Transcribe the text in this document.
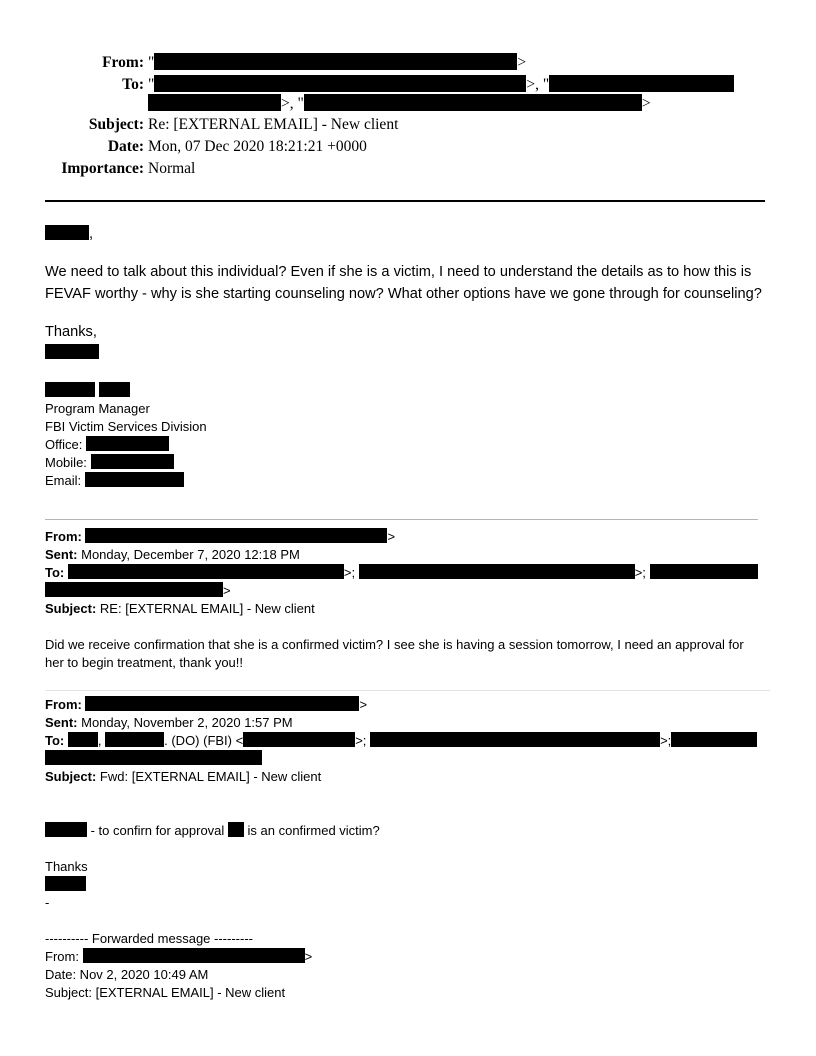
From: "	>
To: "	>, "
>, "	>
Subject: Re: [EXTERNAL EMAIL] - New client
Date: Mon, 07 Dec 2020 18:21:21 +0000
Importance: Normal
,
We need to talk about this individual? Even if she is a victim, I need to understand the details as to how this is
FEVAF worthy - why is she starting counseling now? What other options have we gone through for counseling?
Thanks,

Program Manager
FBI Victim Services Division
Office:
Mobile:
Email:
From:	>
Sent: Monday, December 7, 2020 12:18 PM
To:	>;	>;
>
Subject: RE: [EXTERNAL EMAIL] - New client
Did we receive confirmation that she is a confirmed victim? I see she is having a session tomorrow, I need an approval for
her to begin treatment, thank you!!
From:	>
Sent: Monday, November 2, 2020 1:57 PM
To:	,	. (DO) (FBI) <	>;	>;
Subject: Fwd: [EXTERNAL EMAIL] - New client
- to confirn for approval  is an confirmed victim?
Thanks
-
---------- Forwarded message ---------
From:	>
Date: Nov 2, 2020 10:49 AM
Subject: [EXTERNAL EMAIL] - New client
